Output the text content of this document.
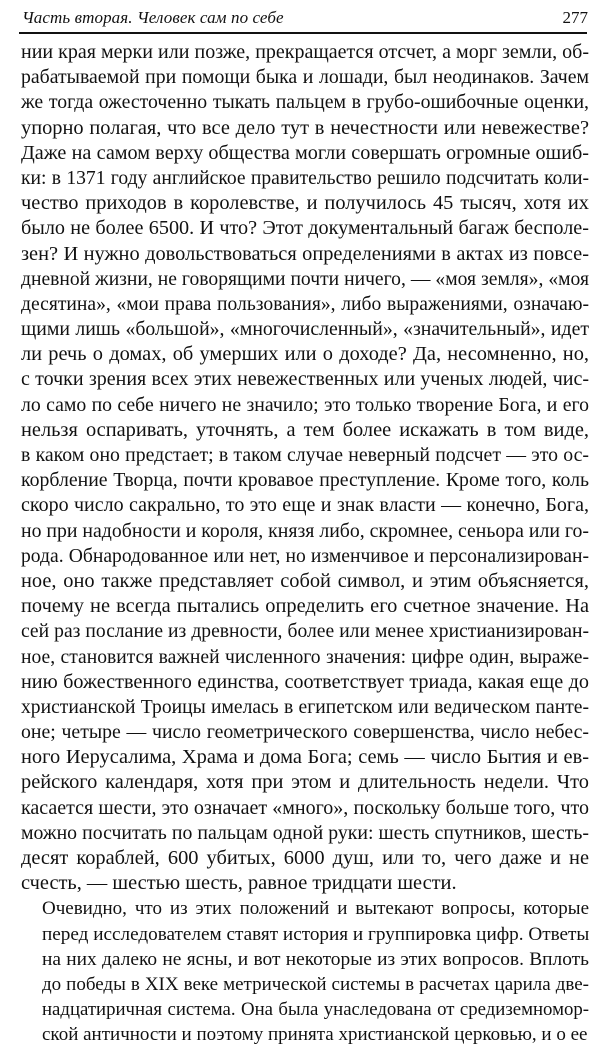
Часть вторая. Человек сам по себе	277

нии края мерки или позже, прекращается отсчет, а морг земли, об-
рабатываемой при помощи быка и лошади, был неодинаков. Зачем
же тогда ожесточенно тыкать пальцем в грубо-ошибочные оценки,
упорно полагая, что все дело тут в нечестности или невежестве?
Даже на самом верху общества могли совершать огромные ошиб-
ки: в 1371 году английское правительство решило подсчитать коли-
чество приходов в королевстве, и получилось 45 тысяч, хотя их
было не более 6500. И что? Этот документальный багаж бесполе-
зен? И нужно довольствоваться определениями в актах из повсе-
дневной жизни, не говорящими почти ничего, — «моя земля», «моя
десятина», «мои права пользования», либо выражениями, означаю-
щими лишь «большой», «многочисленный», «значительный», идет
ли речь о домах, об умерших или о доходе? Да, несомненно, но,
с точки зрения всех этих невежественных или ученых людей, чис-
ло само по себе ничего не значило; это только творение Бога, и его
нельзя оспаривать, уточнять, а тем более искажать в том виде,
в каком оно предстает; в таком случае неверный подсчет — это ос-
корбление Творца, почти кровавое преступление. Кроме того, коль
скоро число сакрально, то это еще и знак власти — конечно, Бога,
но при надобности и короля, князя либо, скромнее, сеньора или го-
рода. Обнародованное или нет, но изменчивое и персонализирован-
ное, оно также представляет собой символ, и этим объясняется,
почему не всегда пытались определить его счетное значение. На
сей раз послание из древности, более или менее христианизирован-
ное, становится важней численного значения: цифре один, выраже-
нию божественного единства, соответствует триада, какая еще до
христианской Троицы имелась в египетском или ведическом панте-
оне; четыре — число геометрического совершенства, число небес-
ного Иерусалима, Храма и дома Бога; семь — число Бытия и ев-
рейского календаря, хотя при этом и длительность недели. Что
касается шести, это означает «много», поскольку больше того, что
можно посчитать по пальцам одной руки: шесть спутников, шесть-
десят кораблей, 600 убитых, 6000 душ, или то, чего даже и не
счесть, — шестью шесть, равное тридцати шести.

Очевидно, что из этих положений и вытекают вопросы, которые
перед исследователем ставят история и группировка цифр. Ответы
на них далеко не ясны, и вот некоторые из этих вопросов. Вплоть
до победы в XIX веке метрической системы в расчетах царила две-
надцатиричная система. Она была унаследована от средиземномор-
ской античности и поэтому принята христианской церковью, и о ее
